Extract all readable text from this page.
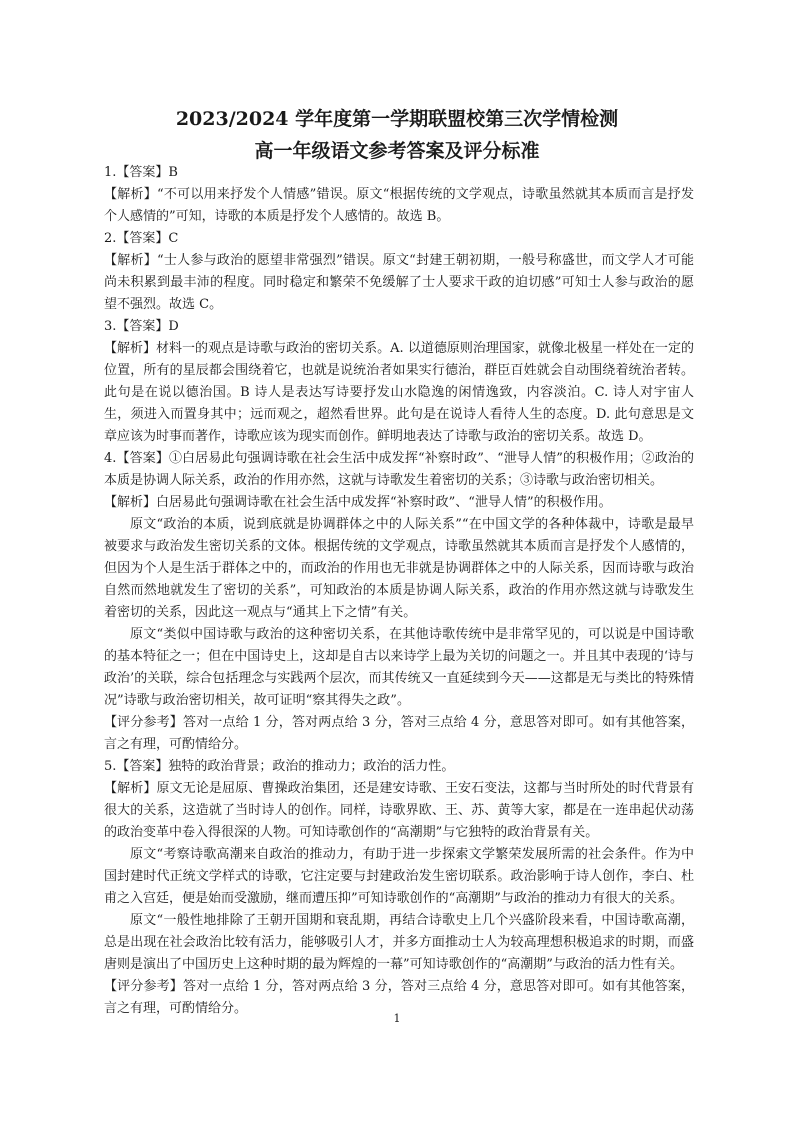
2023/2024 学年度第一学期联盟校第三次学情检测

高一年级语文参考答案及评分标准

1.【答案】B

【解析】“不可以用来抒发个人情感”错误。原文“根据传统的文学观点，诗歌虽然就其本质而言是抒发个人感情的”可知，诗歌的本质是抒发个人感情的。故选 B。

2.【答案】C

【解析】“士人参与政治的愿望非常强烈”错误。原文“封建王朝初期，一般号称盛世，而文学人才可能尚未积累到最丰沛的程度。同时稳定和繁荣不免缓解了士人要求干政的迫切感”可知士人参与政治的愿望不强烈。故选 C。

3.【答案】D

【解析】材料一的观点是诗歌与政治的密切关系。A. 以道德原则治理国家，就像北极星一样处在一定的位置，所有的星辰都会围绕着它，也就是说统治者如果实行德治，群臣百姓就会自动围绕着统治者转。此句是在说以德治国。B 诗人是表达写诗要抒发山水隐逸的闲情逸致，内容淡泊。C. 诗人对宇宙人生，须进入而置身其中；远而观之，超然看世界。此句是在说诗人看待人生的态度。D. 此句意思是文章应该为时事而著作，诗歌应该为现实而创作。鲜明地表达了诗歌与政治的密切关系。故选 D。

4.【答案】①白居易此句强调诗歌在社会生活中成发挥“补察时政”、“泄导人情”的积极作用；②政治的本质是协调人际关系，政治的作用亦然，这就与诗歌发生着密切的关系；③诗歌与政治密切相关。

【解析】白居易此句强调诗歌在社会生活中成发挥“补察时政”、“泄导人情”的积极作用。

原文“政治的本质，说到底就是协调群体之中的人际关系”“在中国文学的各种体裁中，诗歌是最早被要求与政治发生密切关系的文体。根据传统的文学观点，诗歌虽然就其本质而言是抒发个人感情的，但因为个人是生活于群体之中的，而政治的作用也无非就是协调群体之中的人际关系，因而诗歌与政治自然而然地就发生了密切的关系”，可知政治的本质是协调人际关系，政治的作用亦然这就与诗歌发生着密切的关系，因此这一观点与“通其上下之情”有关。

原文“类似中国诗歌与政治的这种密切关系，在其他诗歌传统中是非常罕见的，可以说是中国诗歌的基本特征之一；但在中国诗史上，这却是自古以来诗学上最为关切的问题之一。并且其中表现的‘诗与政治’的关联，综合包括理念与实践两个层次，而其传统又一直延续到今天——这都是无与类比的特殊情况”诗歌与政治密切相关，故可证明“察其得失之政”。

【评分参考】答对一点给 1 分，答对两点给 3 分，答对三点给 4 分，意思答对即可。如有其他答案，言之有理，可酌情给分。

5.【答案】独特的政治背景；政治的推动力；政治的活力性。

【解析】原文无论是屈原、曹操政治集团，还是建安诗歌、王安石变法，这都与当时所处的时代背景有很大的关系，这造就了当时诗人的创作。同样，诗歌界欧、王、苏、黄等大家，都是在一连串起伏动荡的政治变革中卷入得很深的人物。可知诗歌创作的“高潮期”与它独特的政治背景有关。

原文“考察诗歌高潮来自政治的推动力，有助于进一步探索文学繁荣发展所需的社会条件。作为中国封建时代正统文学样式的诗歌，它注定要与封建政治发生密切联系。政治影响于诗人创作，李白、杜甫之入宫廷，便是始而受激励，继而遭压抑”可知诗歌创作的“高潮期”与政治的推动力有很大的关系。

原文“一般性地排除了王朝开国期和衰乱期，再结合诗歌史上几个兴盛阶段来看，中国诗歌高潮，总是出现在社会政治比较有活力，能够吸引人才，并多方面推动士人为较高理想积极追求的时期，而盛唐则是演出了中国历史上这种时期的最为辉煌的一幕”可知诗歌创作的“高潮期”与政治的活力性有关。

【评分参考】答对一点给 1 分，答对两点给 3 分，答对三点给 4 分，意思答对即可。如有其他答案，言之有理，可酌情给分。

1
